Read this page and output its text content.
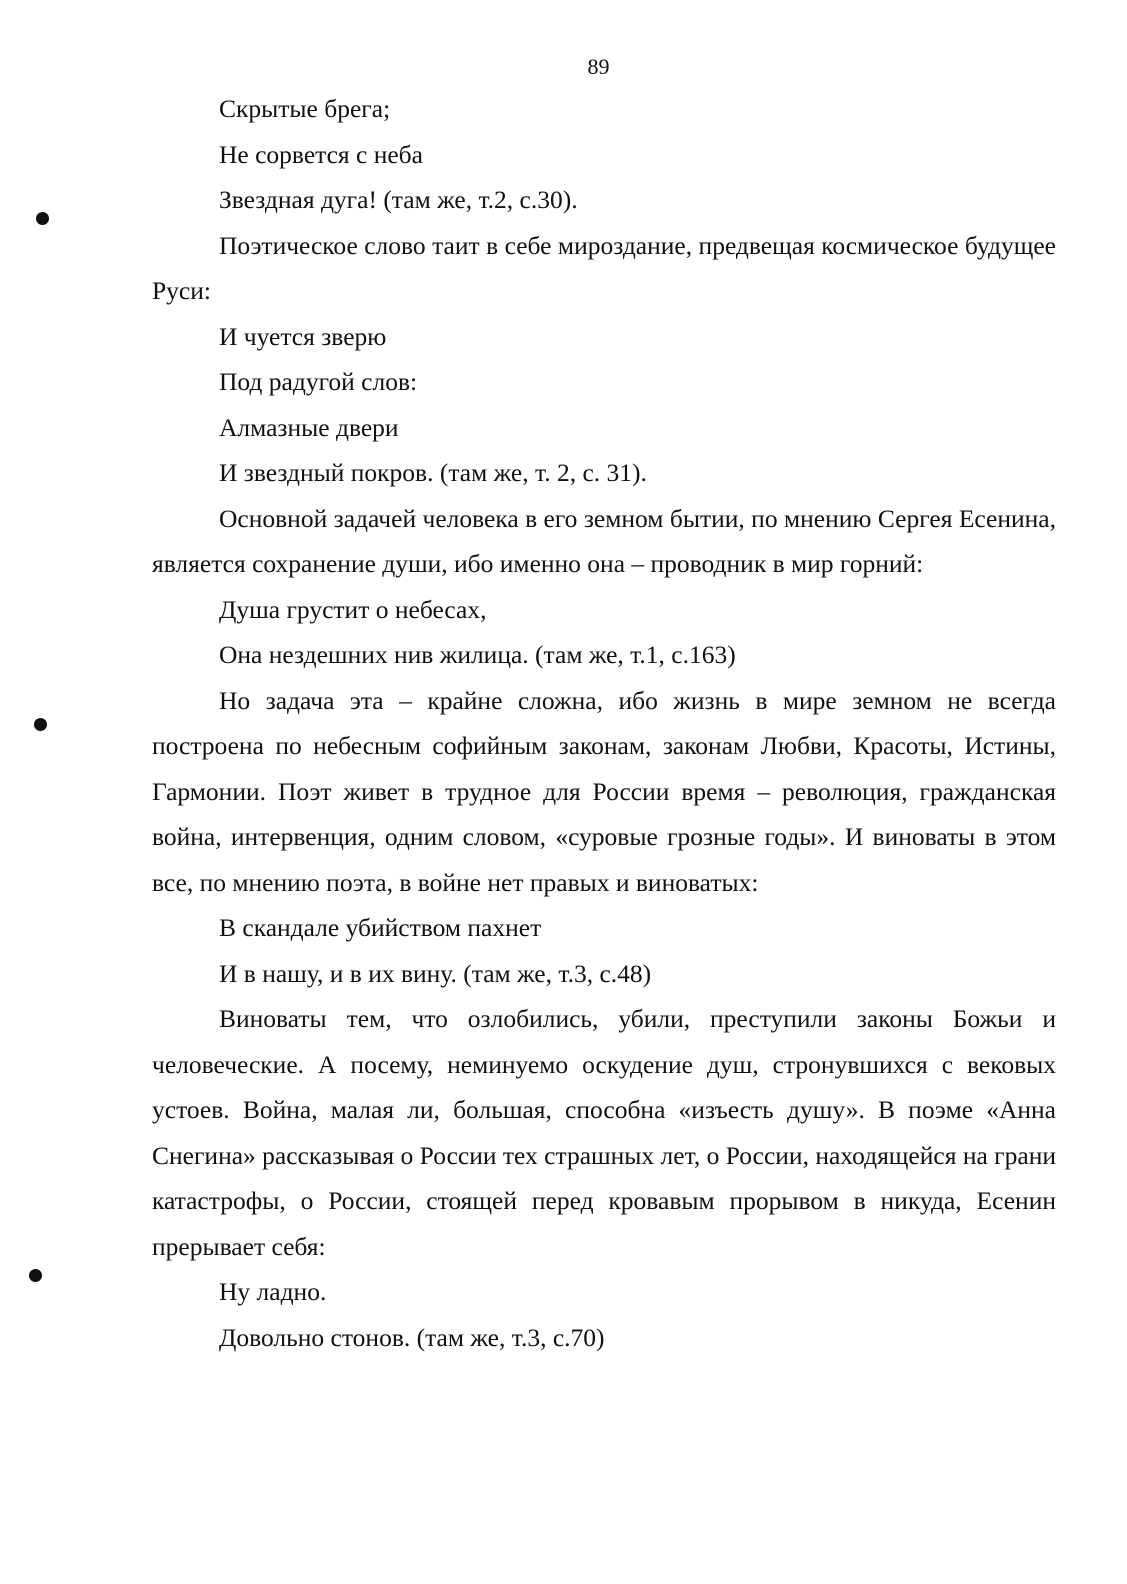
89

Скрытые брега;

Не сорвется с неба

Звездная дуга! (там же, т.2, с.30).

Поэтическое слово таит в себе мироздание, предвещая космическое будущее Руси:

И чуется зверю

Под радугой слов:

Алмазные двери

И звездный покров. (там же, т. 2, с. 31).

Основной задачей человека в его земном бытии, по мнению Сергея Есенина, является сохранение души, ибо именно она – проводник в мир горний:

Душа грустит о небесах,

Она нездешних нив жилица. (там же, т.1, с.163)

Но задача эта – крайне сложна, ибо жизнь в мире земном не всегда построена по небесным софийным законам, законам Любви, Красоты, Истины, Гармонии. Поэт живет в трудное для России время – революция, гражданская война, интервенция, одним словом, «суровые грозные годы». И виноваты в этом все, по мнению поэта, в войне нет правых и виноватых:

В скандале убийством пахнет

И в нашу, и в их вину. (там же, т.3, с.48)

Виноваты тем, что озлобились, убили, преступили законы Божьи и человеческие. А посему, неминуемо оскудение душ, стронувшихся с вековых устоев. Война, малая ли, большая, способна «изъесть душу». В поэме «Анна Снегина» рассказывая о России тех страшных лет, о России, находящейся на грани катастрофы, о России, стоящей перед кровавым прорывом в никуда, Есенин прерывает себя:

Ну ладно.

Довольно стонов. (там же, т.3, с.70)
